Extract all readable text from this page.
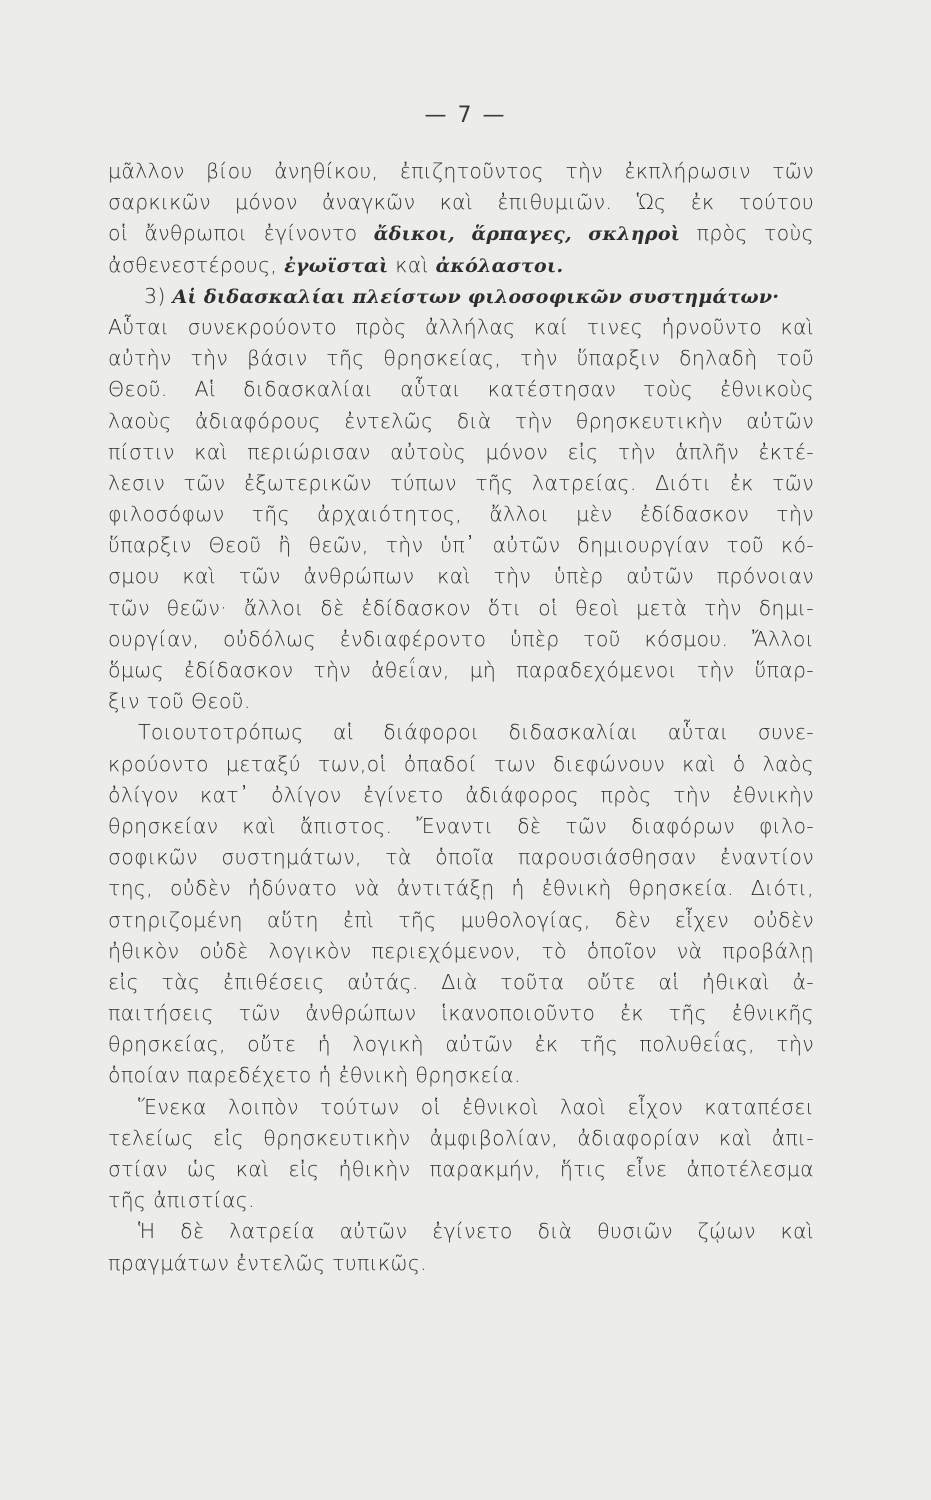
— 7 —
μᾶλλον βίου ἀνηθίκου, ἐπιζητοῦντος τὴν ἐκπλήρωσιν τῶν
σαρκικῶν μόνον ἀναγκῶν καὶ ἐπιθυμιῶν. Ὡς ἐκ τούτου
οἱ ἄνθρωποι ἐγίνοντο ἄδικοι, ἅρπαγες, σκληροὶ πρὸς τοὺς
ἀσθενεστέρους, ἐγωϊσταὶ καὶ ἀκόλαστοι.
3) Αἱ διδασκαλίαι πλείστων φιλοσοφικῶν συστημάτων·
Αὗται συνεκρούοντο πρὸς ἀλλήλας καί τινες ἠρνοῦντο καὶ
αὐτὴν τὴν βάσιν τῆς θρησκείας, τὴν ὕπαρξιν δηλαδὴ τοῦ
Θεοῦ. Αἱ διδασκαλίαι αὗται κατέστησαν τοὺς ἐθνικοὺς
λαοὺς ἀδιαφόρους ἐντελῶς διὰ τὴν θρησκευτικὴν αὐτῶν
πίστιν καὶ περιώρισαν αὐτοὺς μόνον εἰς τὴν ἁπλῆν ἐκτέ-
λεσιν τῶν ἐξωτερικῶν τύπων τῆς λατρείας. Διότι ἐκ τῶν
φιλοσόφων τῆς ἀρχαιότητος, ἄλλοι μὲν ἐδίδασκον τὴν
ὕπαρξιν Θεοῦ ἢ θεῶν, τὴν ὑπ᾽ αὐτῶν δημιουργίαν τοῦ κό-
σμου καὶ τῶν ἀνθρώπων καὶ τὴν ὑπὲρ αὐτῶν πρόνοιαν
τῶν θεῶν· ἄλλοι δὲ ἐδίδασκον ὅτι οἱ θεοὶ μετὰ τὴν δημι-
ουργίαν, οὐδόλως ἐνδιαφέροντο ὑπὲρ τοῦ κόσμου. Ἄλλοι
ὅμως ἐδίδασκον τὴν ἀθεΐαν, μὴ παραδεχόμενοι τὴν ὕπαρ-
ξιν τοῦ Θεοῦ.
Τοιουτοτρόπως αἱ διάφοροι διδασκαλίαι αὗται συνε-
κρούοντο μεταξύ των,οἱ ὀπαδοί των διεφώνουν καὶ ὁ λαὸς
ὀλίγον κατ᾽ ὀλίγον ἐγίνετο ἀδιάφορος πρὸς τὴν ἐθνικὴν
θρησκείαν καὶ ἄπιστος. Ἔναντι δὲ τῶν διαφόρων φιλο-
σοφικῶν συστημάτων, τὰ ὁποῖα παρουσιάσθησαν ἐναντίον
της, οὐδὲν ἠδύνατο νὰ ἀντιτάξῃ ἡ ἐθνικὴ θρησκεία. Διότι,
στηριζομένη αὕτη ἐπὶ τῆς μυθολογίας, δὲν εἶχεν οὐδὲν
ἠθικὸν οὐδὲ λογικὸν περιεχόμενον, τὸ ὁποῖον νὰ προβάλῃ
εἰς τὰς ἐπιθέσεις αὐτάς. Διὰ τοῦτα οὔτε αἱ ἠθικαὶ ἀ-
παιτήσεις τῶν ἀνθρώπων ἱκανοποιοῦντο ἐκ τῆς ἐθνικῆς
θρησκείας, οὔτε ἡ λογικὴ αὐτῶν ἐκ τῆς πολυθεΐας, τὴν
ὁποίαν παρεδέχετο ἡ ἐθνικὴ θρησκεία.
Ἕνεκα λοιπὸν τούτων οἱ ἐθνικοὶ λαοὶ εἶχον καταπέσει
τελείως εἰς θρησκευτικὴν ἀμφιβολίαν, ἀδιαφορίαν καὶ ἀπι-
στίαν ὡς καὶ εἰς ἠθικὴν παρακμήν, ἥτις εἶνε ἀποτέλεσμα
τῆς ἀπιστίας.
Ἡ δὲ λατρεία αὐτῶν ἐγίνετο διὰ θυσιῶν ζῴων καὶ
πραγμάτων ἐντελῶς τυπικῶς.
